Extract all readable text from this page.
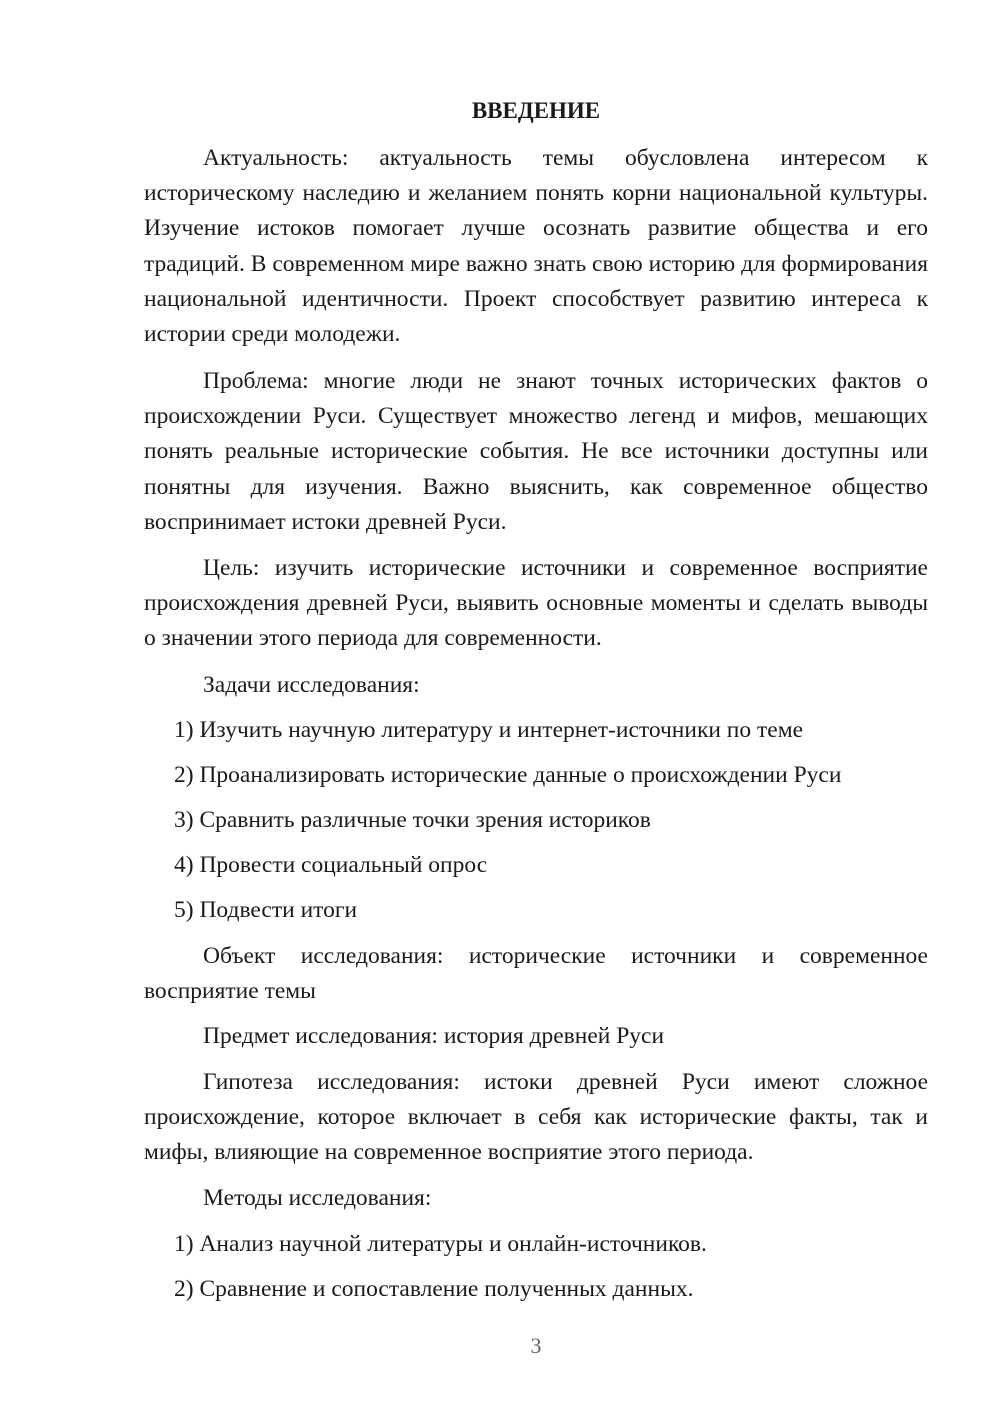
ВВЕДЕНИЕ
Актуальность: актуальность темы обусловлена интересом к историческому наследию и желанием понять корни национальной культуры. Изучение истоков помогает лучше осознать развитие общества и его традиций. В современном мире важно знать свою историю для формирования национальной идентичности. Проект способствует развитию интереса к истории среди молодежи.
Проблема: многие люди не знают точных исторических фактов о происхождении Руси. Существует множество легенд и мифов, мешающих понять реальные исторические события. Не все источники доступны или понятны для изучения. Важно выяснить, как современное общество воспринимает истоки древней Руси.
Цель: изучить исторические источники и современное восприятие происхождения древней Руси, выявить основные моменты и сделать выводы о значении этого периода для современности.
Задачи исследования:
1) Изучить научную литературу и интернет-источники по теме
2) Проанализировать исторические данные о происхождении Руси
3) Сравнить различные точки зрения историков
4) Провести социальный опрос
5) Подвести итоги
Объект исследования: исторические источники и современное восприятие темы
Предмет исследования: история древней Руси
Гипотеза исследования: истоки древней Руси имеют сложное происхождение, которое включает в себя как исторические факты, так и мифы, влияющие на современное восприятие этого периода.
Методы исследования:
1) Анализ научной литературы и онлайн-источников.
2) Сравнение и сопоставление полученных данных.
3
